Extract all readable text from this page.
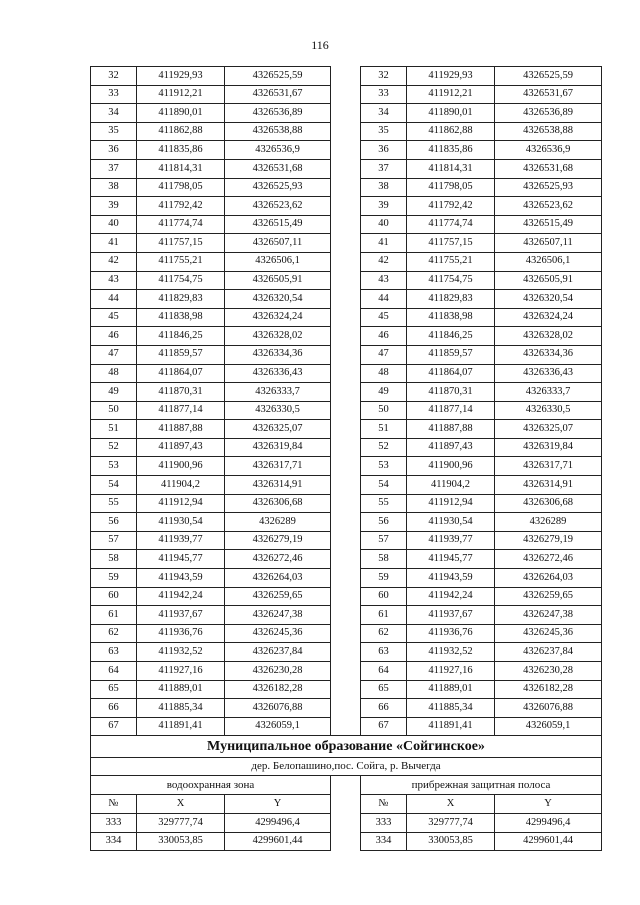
116
32	411929,93	4326525,59		32	411929,93	4326525,59
33	411912,21	4326531,67		33	411912,21	4326531,67
34	411890,01	4326536,89		34	411890,01	4326536,89
35	411862,88	4326538,88		35	411862,88	4326538,88
36	411835,86	4326536,9		36	411835,86	4326536,9
37	411814,31	4326531,68		37	411814,31	4326531,68
38	411798,05	4326525,93		38	411798,05	4326525,93
39	411792,42	4326523,62		39	411792,42	4326523,62
40	411774,74	4326515,49		40	411774,74	4326515,49
41	411757,15	4326507,11		41	411757,15	4326507,11
42	411755,21	4326506,1		42	411755,21	4326506,1
43	411754,75	4326505,91		43	411754,75	4326505,91
44	411829,83	4326320,54		44	411829,83	4326320,54
45	411838,98	4326324,24		45	411838,98	4326324,24
46	411846,25	4326328,02		46	411846,25	4326328,02
47	411859,57	4326334,36		47	411859,57	4326334,36
48	411864,07	4326336,43		48	411864,07	4326336,43
49	411870,31	4326333,7		49	411870,31	4326333,7
50	411877,14	4326330,5		50	411877,14	4326330,5
51	411887,88	4326325,07		51	411887,88	4326325,07
52	411897,43	4326319,84		52	411897,43	4326319,84
53	411900,96	4326317,71		53	411900,96	4326317,71
54	411904,2	4326314,91		54	411904,2	4326314,91
55	411912,94	4326306,68		55	411912,94	4326306,68
56	411930,54	4326289		56	411930,54	4326289
57	411939,77	4326279,19		57	411939,77	4326279,19
58	411945,77	4326272,46		58	411945,77	4326272,46
59	411943,59	4326264,03		59	411943,59	4326264,03
60	411942,24	4326259,65		60	411942,24	4326259,65
61	411937,67	4326247,38		61	411937,67	4326247,38
62	411936,76	4326245,36		62	411936,76	4326245,36
63	411932,52	4326237,84		63	411932,52	4326237,84
64	411927,16	4326230,28		64	411927,16	4326230,28
65	411889,01	4326182,28		65	411889,01	4326182,28
66	411885,34	4326076,88		66	411885,34	4326076,88
67	411891,41	4326059,1		67	411891,41	4326059,1
Муниципальное образование «Сойгинское»						
дер. Белопашино,пос. Сойга, р. Вычегда						
водоохранная зона				прибрежная защитная полоса		
№	X	Y		№	X	Y
333	329777,74	4299496,4		333	329777,74	4299496,4
334	330053,85	4299601,44		334	330053,85	4299601,44
